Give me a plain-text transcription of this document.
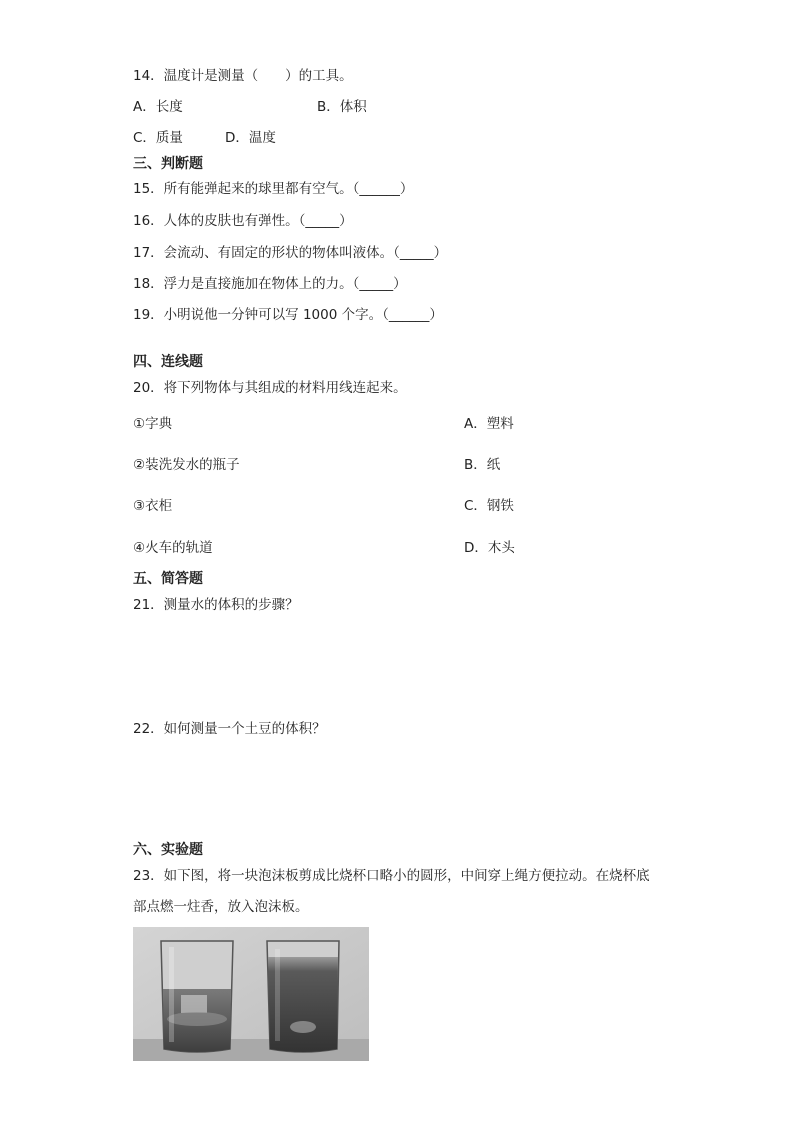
14．温度计是测量（　　）的工具。
A．长度	B．体积
C．质量	D．温度
三、判断题
15．所有能弹起来的球里都有空气。（______）
16．人体的皮肤也有弹性。（_____）
17．会流动、有固定的形状的物体叫液体。（_____）
18．浮力是直接施加在物体上的力。（_____）
19．小明说他一分钟可以写 1000 个字。（______）
四、连线题
20．将下列物体与其组成的材料用线连起来。
①字典	A．塑料
②装洗发水的瓶子	B．纸
③衣柜	C．钢铁
④火车的轨道	D．木头
五、简答题
21．测量水的体积的步骤？
22．如何测量一个土豆的体积？
六、实验题
23．如下图，将一块泡沫板剪成比烧杯口略小的圆形，中间穿上绳方便拉动。在烧杯底
部点燃一炷香，放入泡沫板。
